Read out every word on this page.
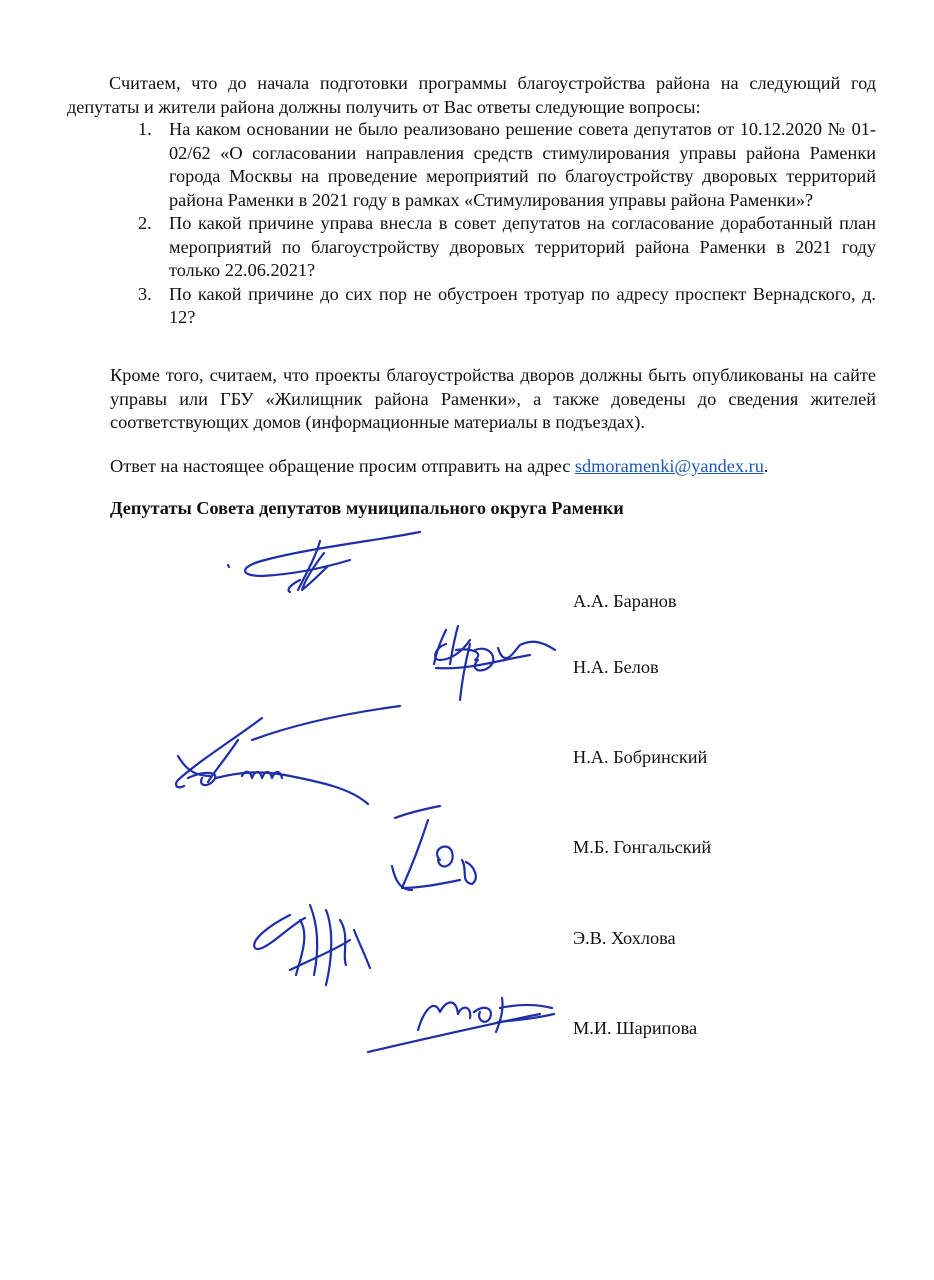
Считаем, что до начала подготовки программы благоустройства района на следующий год депутаты и жители района должны получить от Вас ответы следующие вопросы:

1. На каком основании не было реализовано решение совета депутатов от 10.12.2020 № 01-02/62 «О согласовании направления средств стимулирования управы района Раменки города Москвы на проведение мероприятий по благоустройству дворовых территорий района Раменки в 2021 году в рамках «Стимулирования управы района Раменки»?
2. По какой причине управа внесла в совет депутатов на согласование доработанный план мероприятий по благоустройству дворовых территорий района Раменки в 2021 году только 22.06.2021?
3. По какой причине до сих пор не обустроен тротуар по адресу проспект Вернадского, д. 12?

Кроме того, считаем, что проекты благоустройства дворов должны быть опубликованы на сайте управы или ГБУ «Жилищник района Раменки», а также доведены до сведения жителей соответствующих домов (информационные материалы в подъездах).

Ответ на настоящее обращение просим отправить на адрес sdmoramenki@yandex.ru.

Депутаты Совета депутатов муниципального округа Раменки

А.А. Баранов

Н.А. Белов

Н.А. Бобринский

М.Б. Гонгальский

Э.В. Хохлова

М.И. Шарипова
